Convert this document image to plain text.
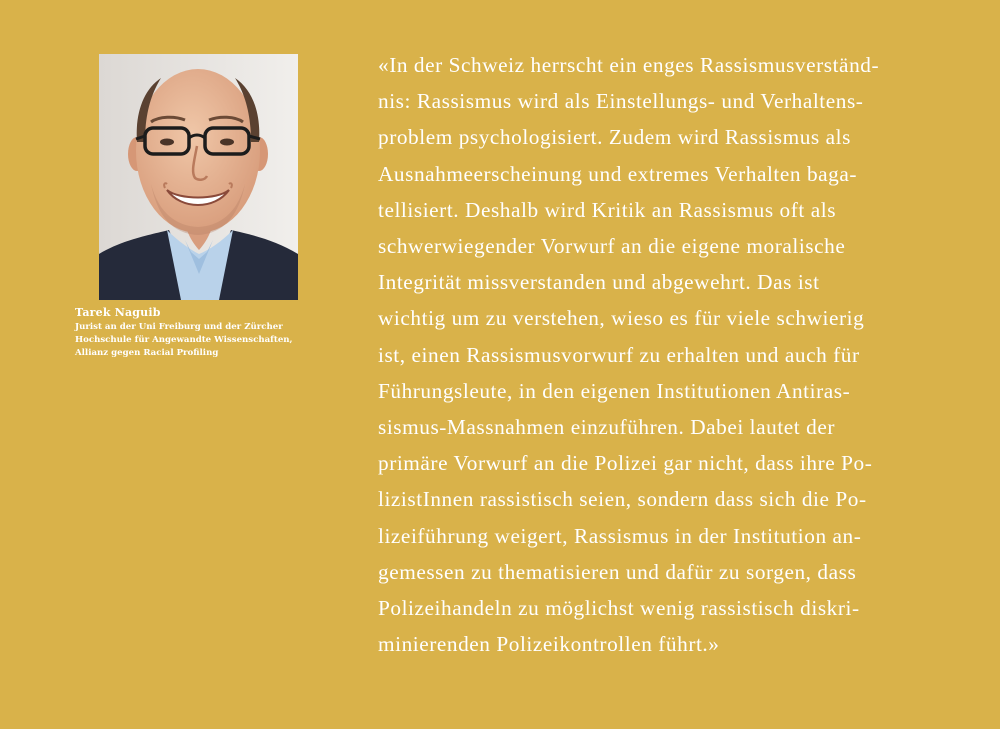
Tarek Naguib
Jurist an der Uni Freiburg und der Zürcher
Hochschule für Angewandte Wissenschaften,
Allianz gegen Racial Profiling
«In der Schweiz herrscht ein enges Rassismusverständ-
nis: Rassismus wird als Einstellungs- und Verhaltens-
problem psychologisiert. Zudem wird Rassismus als
Ausnahmeerscheinung und extremes Verhalten baga-
tellisiert. Deshalb wird Kritik an Rassismus oft als
schwerwiegender Vorwurf an die eigene moralische
Integrität missverstanden und abgewehrt. Das ist
wichtig um zu verstehen, wieso es für viele schwierig
ist, einen Rassismusvorwurf zu erhalten und auch für
Führungsleute, in den eigenen Institutionen Antiras-
sismus-Massnahmen einzuführen. Dabei lautet der
primäre Vorwurf an die Polizei gar nicht, dass ihre Po-
lizistInnen rassistisch seien, sondern dass sich die Po-
lizeiführung weigert, Rassismus in der Institution an-
gemessen zu thematisieren und dafür zu sorgen, dass
Polizeihandeln zu möglichst wenig rassistisch diskri-
minierenden Polizeikontrollen führt.»
